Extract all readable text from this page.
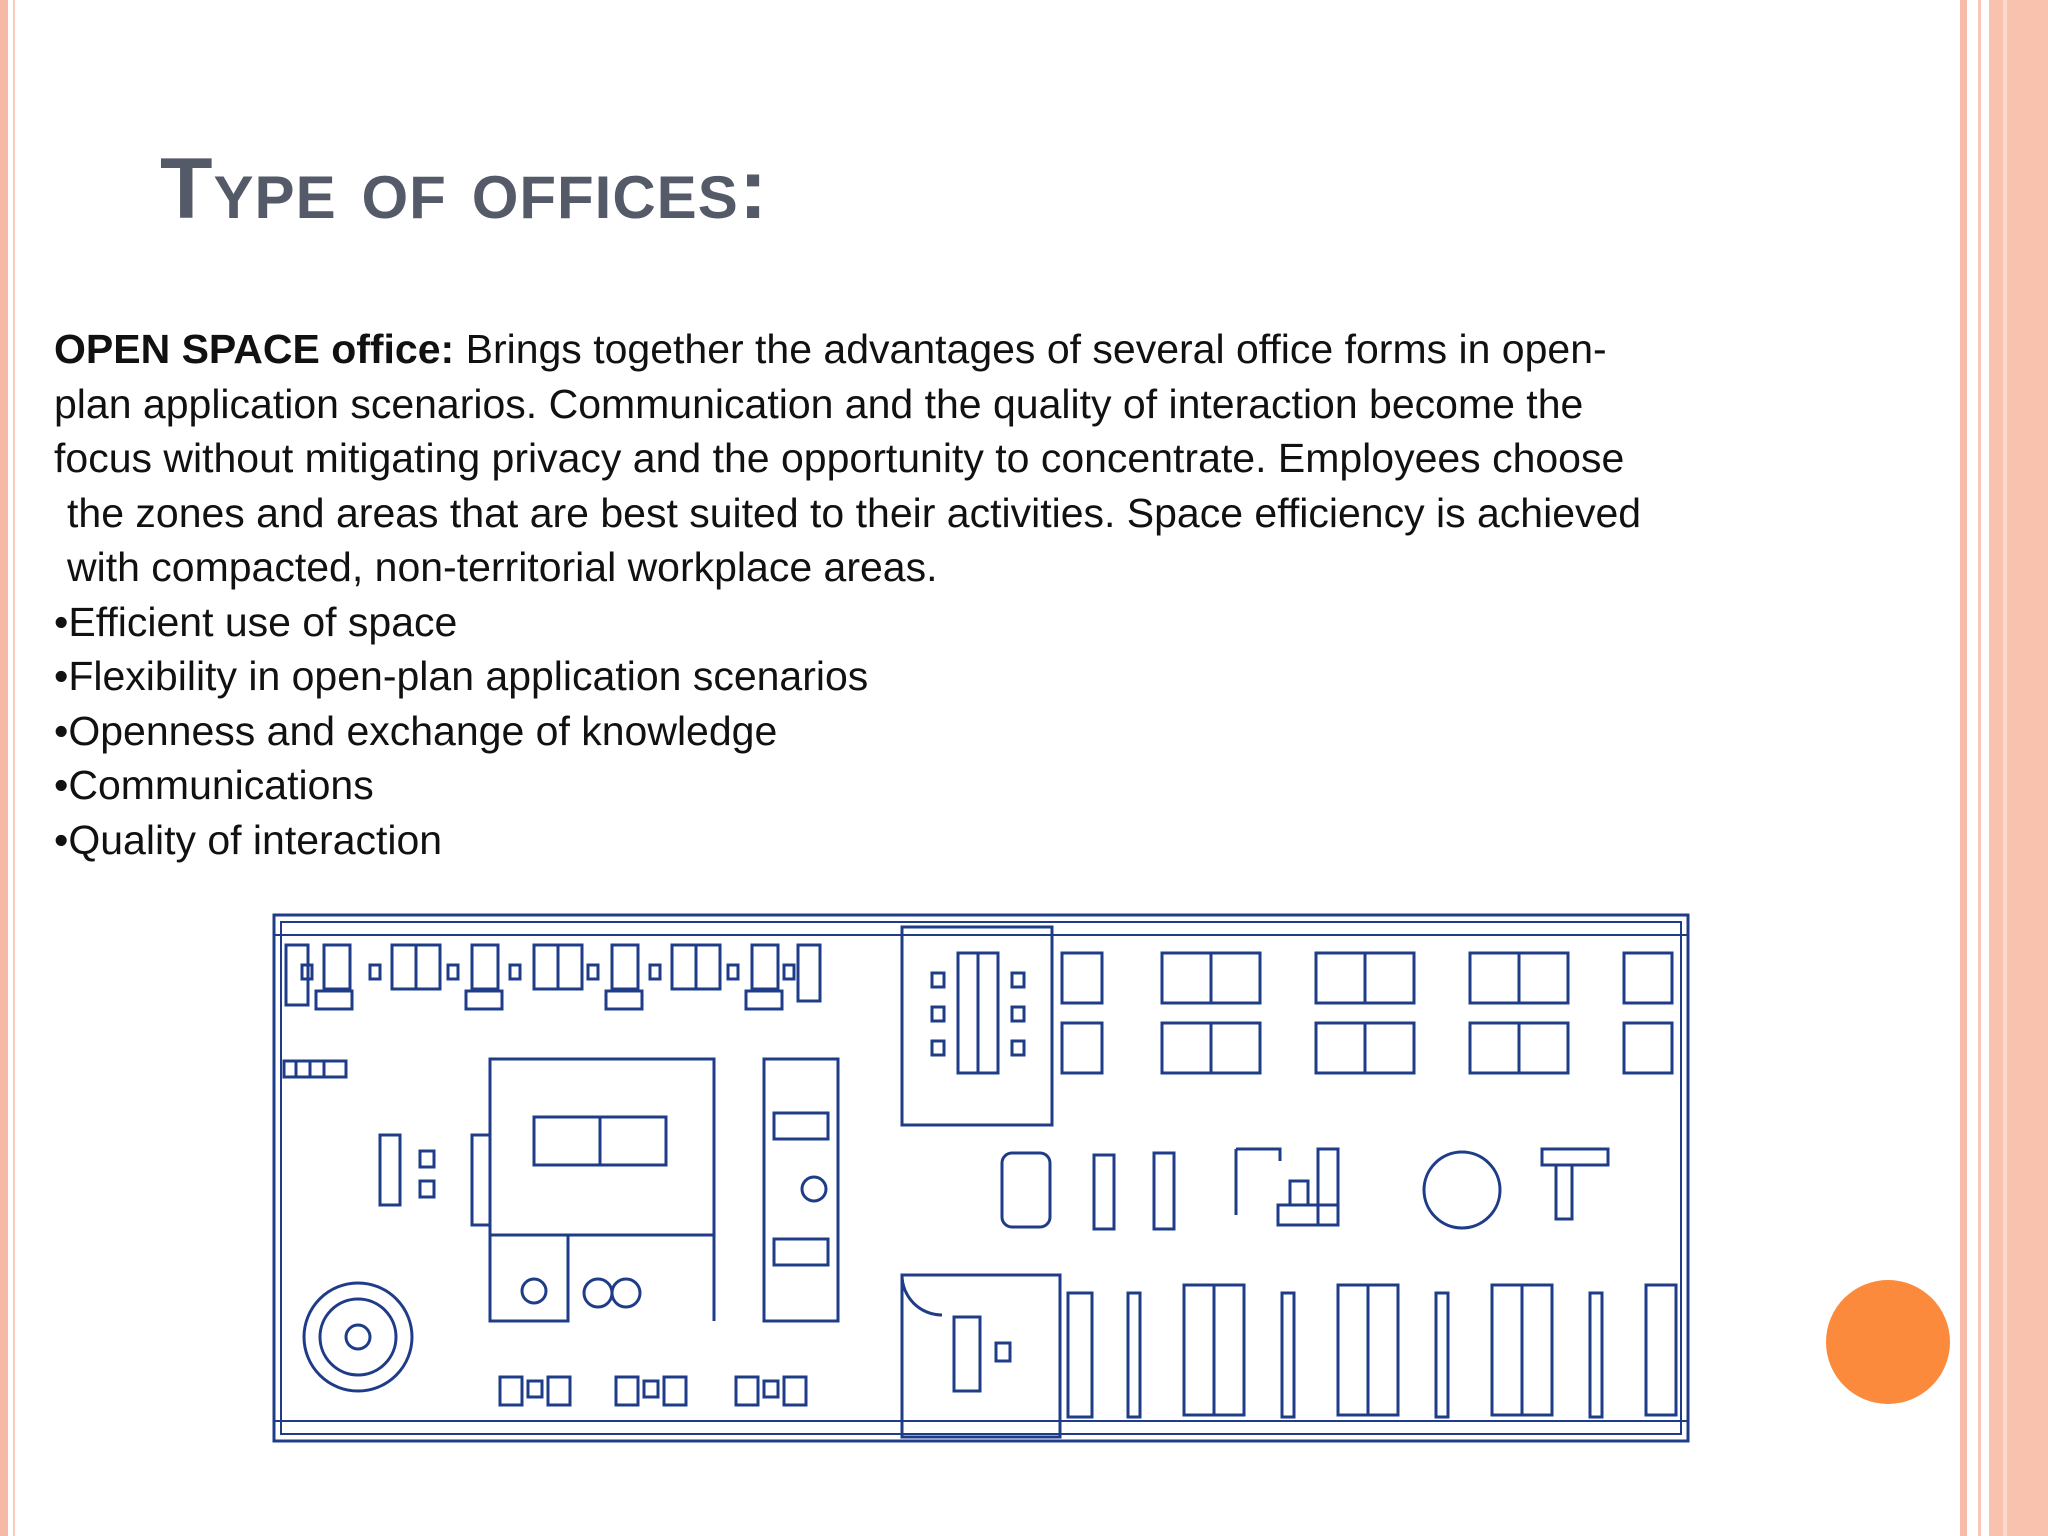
Type of offices:

OPEN SPACE office: Brings together the advantages of several office forms in open-

plan application scenarios. Communication and the quality of interaction become the

focus without mitigating privacy and the opportunity to concentrate. Employees choose

the zones and areas that are best suited to their activities. Space efficiency is achieved

with compacted, non-territorial workplace areas.

•Efficient use of space
•Flexibility in open-plan application scenarios
•Openness and exchange of knowledge
•Communications
•Quality of interaction
